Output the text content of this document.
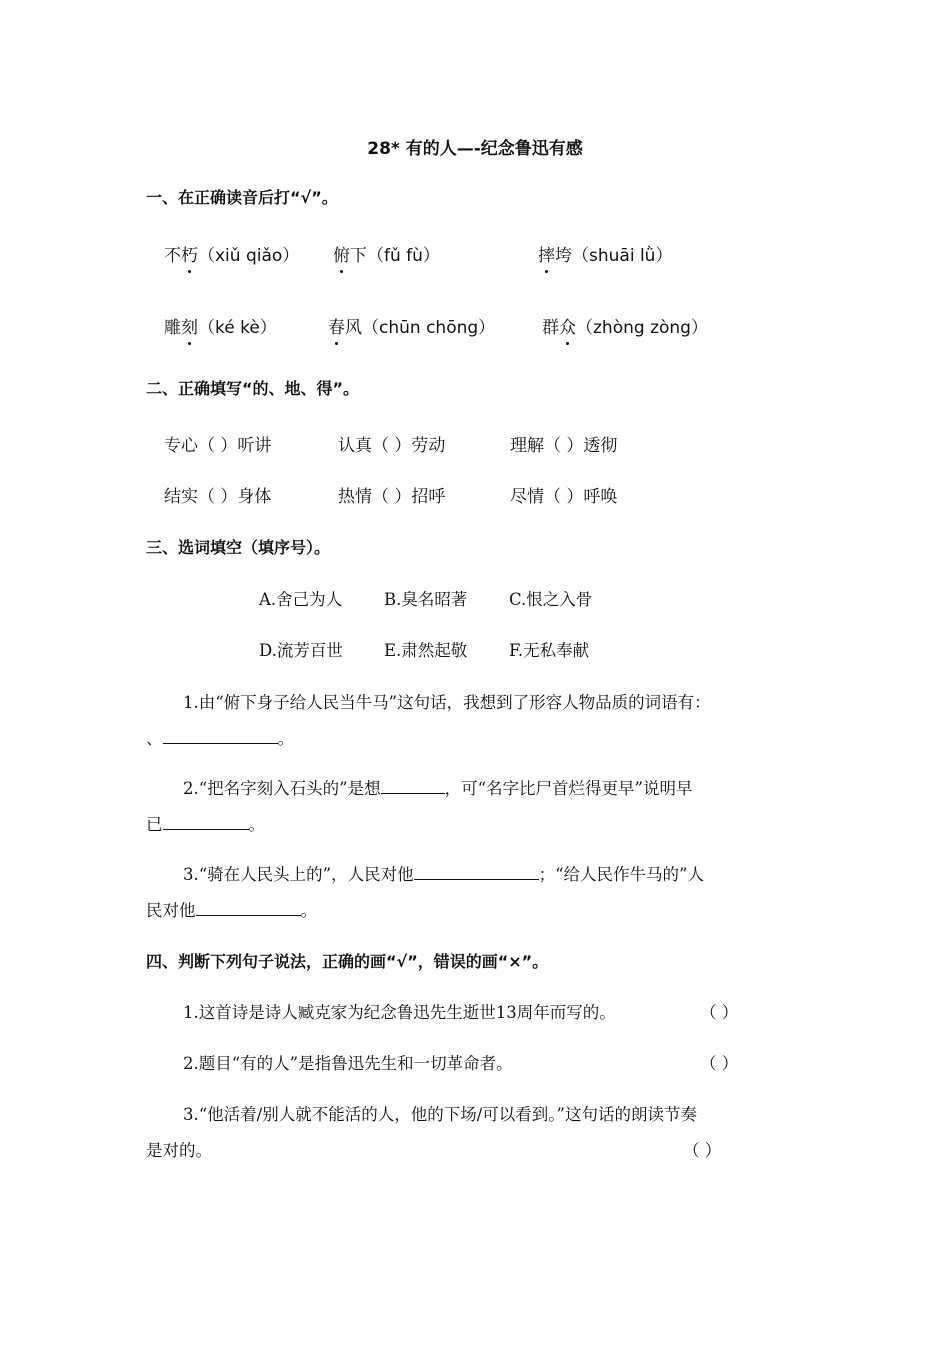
28* 有的人—-纪念鲁迅有感
一、在正确读音后打“√”。
不朽（xiǔ qiǎo） 俯下（fǔ fù）	摔垮（shuāi lǜ）
雕刻（ké kè）	春风（chūn chōng）	群众（zhòng zòng）
二、正确填写“的、地、得”。
专心（ ）听讲	认真（ ）劳动	理解（ ）透彻
结实（ ）身体	热情（ ）招呼	尽情（ ）呼唤
三、选词填空（填序号）。
A.舍己为人	B.臭名昭著	C.恨之入骨
D.流芳百世 E.肃然起敬	F.无私奉献
1.由“俯下身子给人民当牛马”这句话，我想到了形容人物品质的词语有：
、	。
2.“把名字刻入石头的”是想	，可“名字比尸首烂得更早”说明早
已	。
3.“骑在人民头上的”，人民对他	；“给人民作牛马的”人
民对他	。
四、判断下列句子说法，正确的画“√”，错误的画“×”。
1.这首诗是诗人臧克家为纪念鲁迅先生逝世13周年而写的。	（ ）
2.题目“有的人”是指鲁迅先生和一切革命者。	（ ）
3.“他活着/别人就不能活的人，他的下场/可以看到。”这句话的朗读节奏
是对的。	（ ）
